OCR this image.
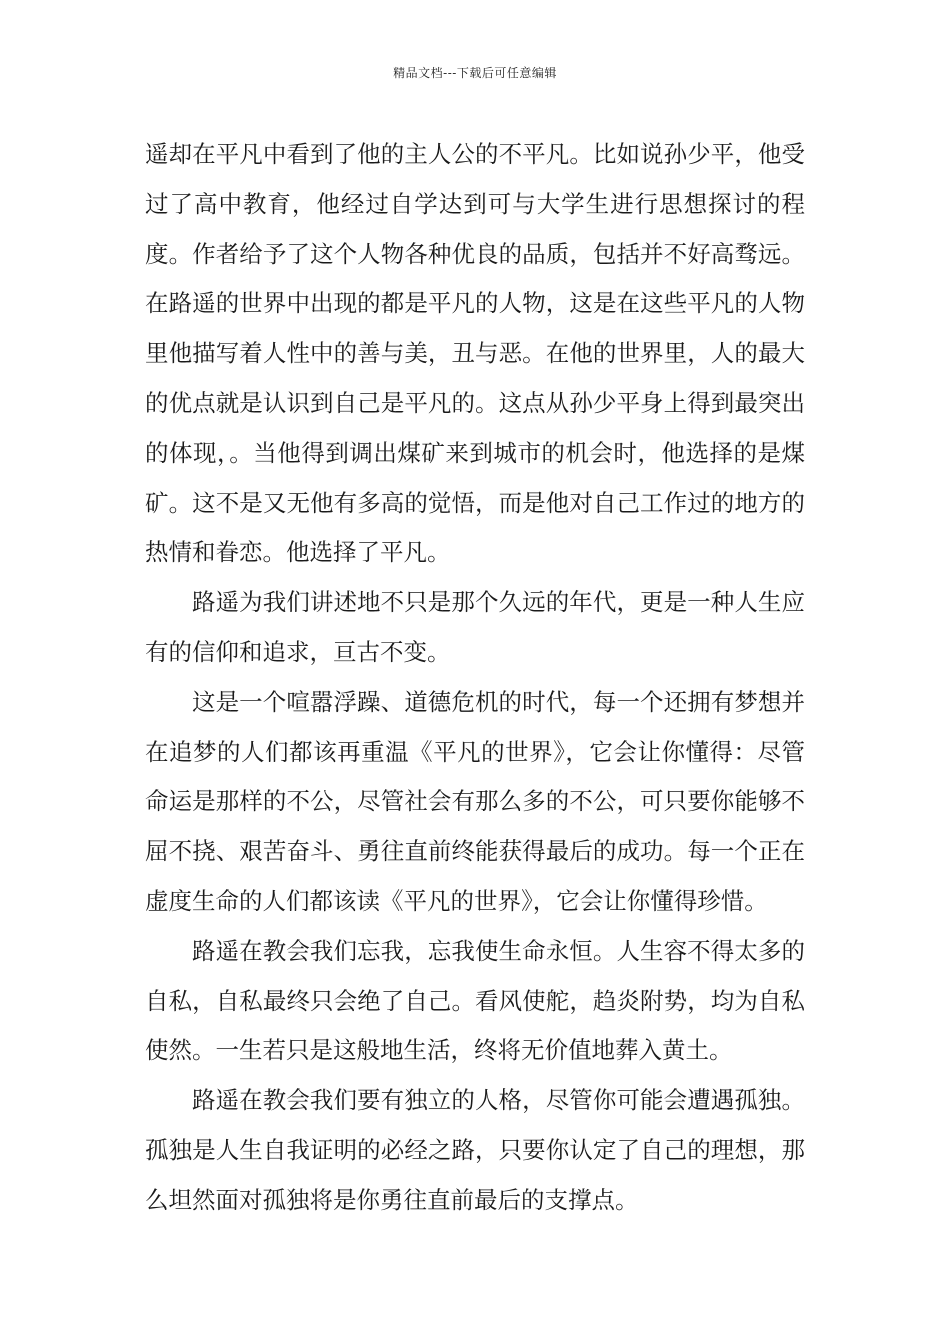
精品文档---下载后可任意编辑

遥却在平凡中看到了他的主人公的不平凡。比如说孙少平，他受过了高中教育，他经过自学达到可与大学生进行思想探讨的程度。作者给予了这个人物各种优良的品质，包括并不好高骛远。在路遥的世界中出现的都是平凡的人物，这是在这些平凡的人物里他描写着人性中的善与美，丑与恶。在他的世界里，人的最大的优点就是认识到自己是平凡的。这点从孙少平身上得到最突出的体现，。当他得到调出煤矿来到城市的机会时，他选择的是煤矿。这不是又无他有多高的觉悟，而是他对自己工作过的地方的热情和眷恋。他选择了平凡。

路遥为我们讲述地不只是那个久远的年代，更是一种人生应有的信仰和追求，亘古不变。

这是一个喧嚣浮躁、道德危机的时代，每一个还拥有梦想并在追梦的人们都该再重温《平凡的世界》，它会让你懂得：尽管命运是那样的不公，尽管社会有那么多的不公，可只要你能够不屈不挠、艰苦奋斗、勇往直前终能获得最后的成功。每一个正在虚度生命的人们都该读《平凡的世界》，它会让你懂得珍惜。

路遥在教会我们忘我，忘我使生命永恒。人生容不得太多的自私，自私最终只会绝了自己。看风使舵，趋炎附势，均为自私使然。一生若只是这般地生活，终将无价值地葬入黄土。

路遥在教会我们要有独立的人格，尽管你可能会遭遇孤独。孤独是人生自我证明的必经之路，只要你认定了自己的理想，那么坦然面对孤独将是你勇往直前最后的支撑点。
